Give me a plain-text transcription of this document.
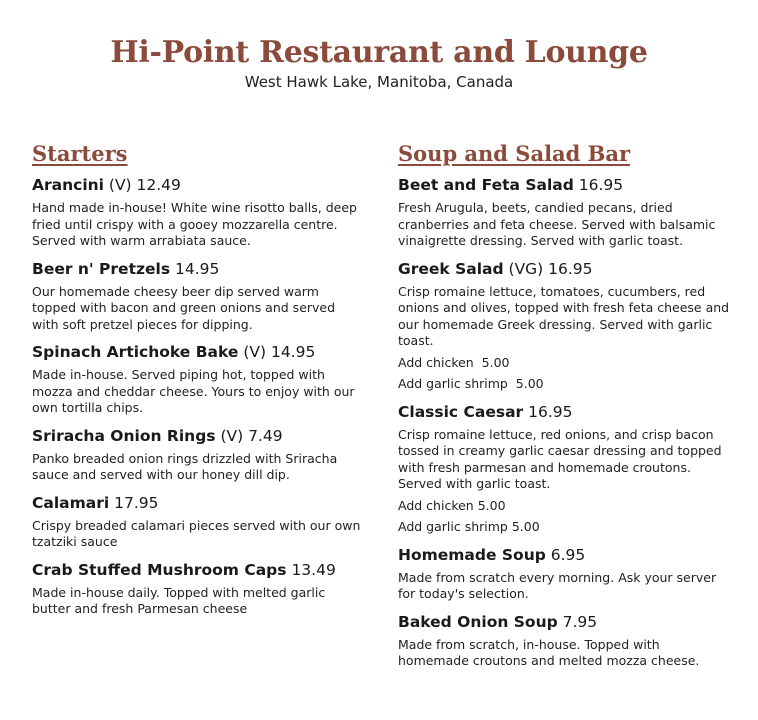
Hi-Point Restaurant and Lounge
West Hawk Lake, Manitoba, Canada
Starters
Arancini (V) 12.49
Hand made in-house! White wine risotto balls, deep fried until crispy with a gooey mozzarella centre. Served with warm arrabiata sauce.
Beer n' Pretzels 14.95
Our homemade cheesy beer dip served warm topped with bacon and green onions and served with soft pretzel pieces for dipping.
Spinach Artichoke Bake (V) 14.95
Made in-house. Served piping hot, topped with mozza and cheddar cheese. Yours to enjoy with our own tortilla chips.
Sriracha Onion Rings (V) 7.49
Panko breaded onion rings drizzled with Sriracha sauce and served with our honey dill dip.
Calamari 17.95
Crispy breaded calamari pieces served with our own tzatziki sauce
Crab Stuffed Mushroom Caps 13.49
Made in-house daily. Topped with melted garlic butter and fresh Parmesan cheese
Soup and Salad Bar
Beet and Feta Salad 16.95
Fresh Arugula, beets, candied pecans, dried cranberries and feta cheese. Served with balsamic vinaigrette dressing. Served with garlic toast.
Greek Salad (VG) 16.95
Crisp romaine lettuce, tomatoes, cucumbers, red onions and olives, topped with fresh feta cheese and our homemade Greek dressing. Served with garlic toast.
Add chicken  5.00
Add garlic shrimp  5.00
Classic Caesar 16.95
Crisp romaine lettuce, red onions, and crisp bacon tossed in creamy garlic caesar dressing and topped with fresh parmesan and homemade croutons. Served with garlic toast.
Add chicken 5.00
Add garlic shrimp 5.00
Homemade Soup 6.95
Made from scratch every morning. Ask your server for today's selection.
Baked Onion Soup 7.95
Made from scratch, in-house. Topped with homemade croutons and melted mozza cheese.
